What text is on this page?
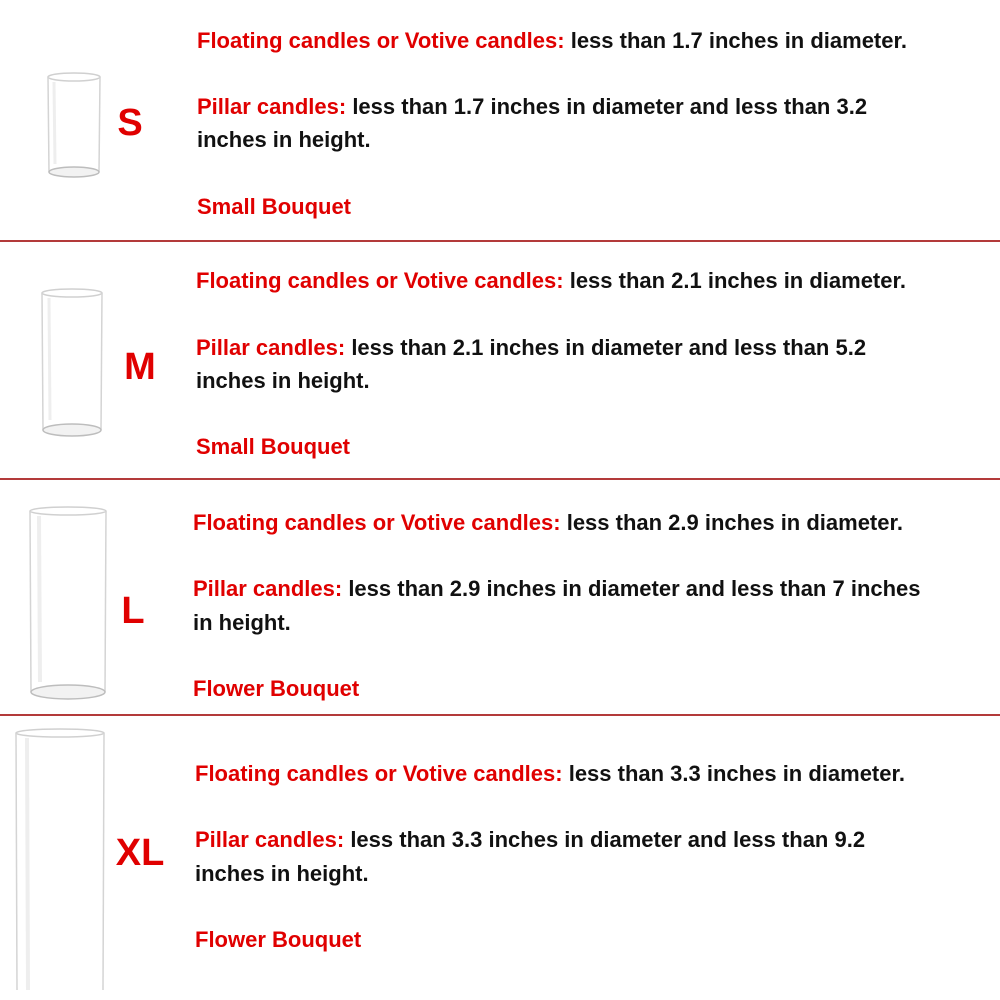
S
Floating candles or Votive candles: less than 1.7 inches in diameter.
Pillar candles: less than 1.7 inches in diameter and less than 3.2
inches in height.
Small Bouquet
M
Floating candles or Votive candles: less than 2.1 inches in diameter.
Pillar candles: less than 2.1 inches in diameter and less than 5.2
inches in height.
Small Bouquet
L
Floating candles or Votive candles: less than 2.9 inches in diameter.
Pillar candles: less than 2.9 inches in diameter and less than 7 inches
in height.
Flower Bouquet
XL
Floating candles or Votive candles: less than 3.3 inches in diameter.
Pillar candles: less than 3.3 inches in diameter and less than 9.2
inches in height.
Flower Bouquet
